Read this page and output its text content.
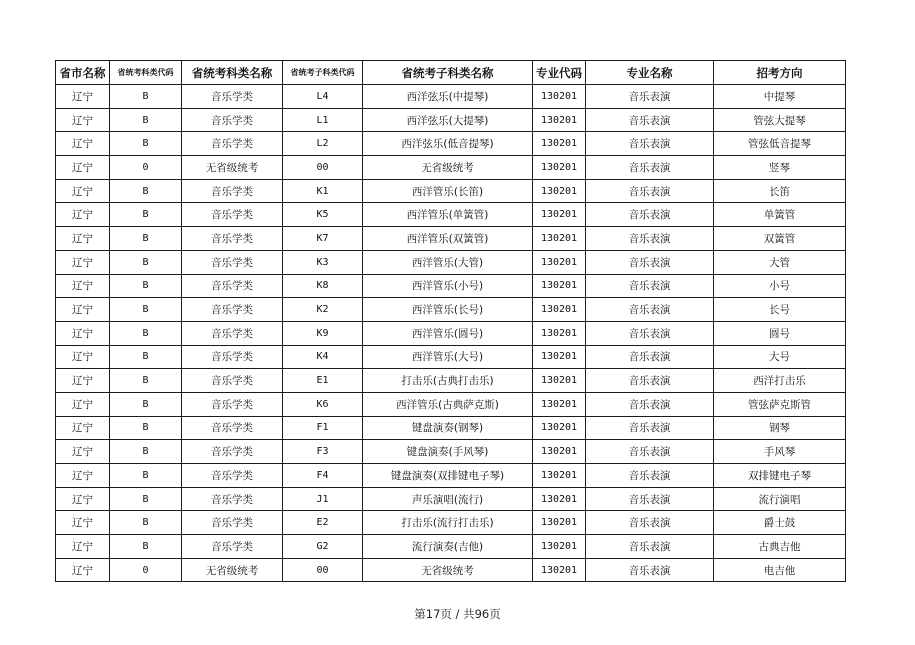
省市名称	省统考科类代码	省统考科类名称	省统考子科类代码	省统考子科类名称	专业代码	专业名称	招考方向
辽宁	B	音乐学类	L4	西洋弦乐(中提琴)	130201	音乐表演	中提琴
辽宁	B	音乐学类	L1	西洋弦乐(大提琴)	130201	音乐表演	管弦大提琴
辽宁	B	音乐学类	L2	西洋弦乐(低音提琴)	130201	音乐表演	管弦低音提琴
辽宁	0	无省级统考	00	无省级统考	130201	音乐表演	竖琴
辽宁	B	音乐学类	K1	西洋管乐(长笛)	130201	音乐表演	长笛
辽宁	B	音乐学类	K5	西洋管乐(单簧管)	130201	音乐表演	单簧管
辽宁	B	音乐学类	K7	西洋管乐(双簧管)	130201	音乐表演	双簧管
辽宁	B	音乐学类	K3	西洋管乐(大管)	130201	音乐表演	大管
辽宁	B	音乐学类	K8	西洋管乐(小号)	130201	音乐表演	小号
辽宁	B	音乐学类	K2	西洋管乐(长号)	130201	音乐表演	长号
辽宁	B	音乐学类	K9	西洋管乐(圆号)	130201	音乐表演	圆号
辽宁	B	音乐学类	K4	西洋管乐(大号)	130201	音乐表演	大号
辽宁	B	音乐学类	E1	打击乐(古典打击乐)	130201	音乐表演	西洋打击乐
辽宁	B	音乐学类	K6	西洋管乐(古典萨克斯)	130201	音乐表演	管弦萨克斯管
辽宁	B	音乐学类	F1	键盘演奏(钢琴)	130201	音乐表演	钢琴
辽宁	B	音乐学类	F3	键盘演奏(手风琴)	130201	音乐表演	手风琴
辽宁	B	音乐学类	F4	键盘演奏(双排键电子琴)	130201	音乐表演	双排键电子琴
辽宁	B	音乐学类	J1	声乐演唱(流行)	130201	音乐表演	流行演唱
辽宁	B	音乐学类	E2	打击乐(流行打击乐)	130201	音乐表演	爵士鼓
辽宁	B	音乐学类	G2	流行演奏(吉他)	130201	音乐表演	古典吉他
辽宁	0	无省级统考	00	无省级统考	130201	音乐表演	电吉他
第17页 / 共96页
